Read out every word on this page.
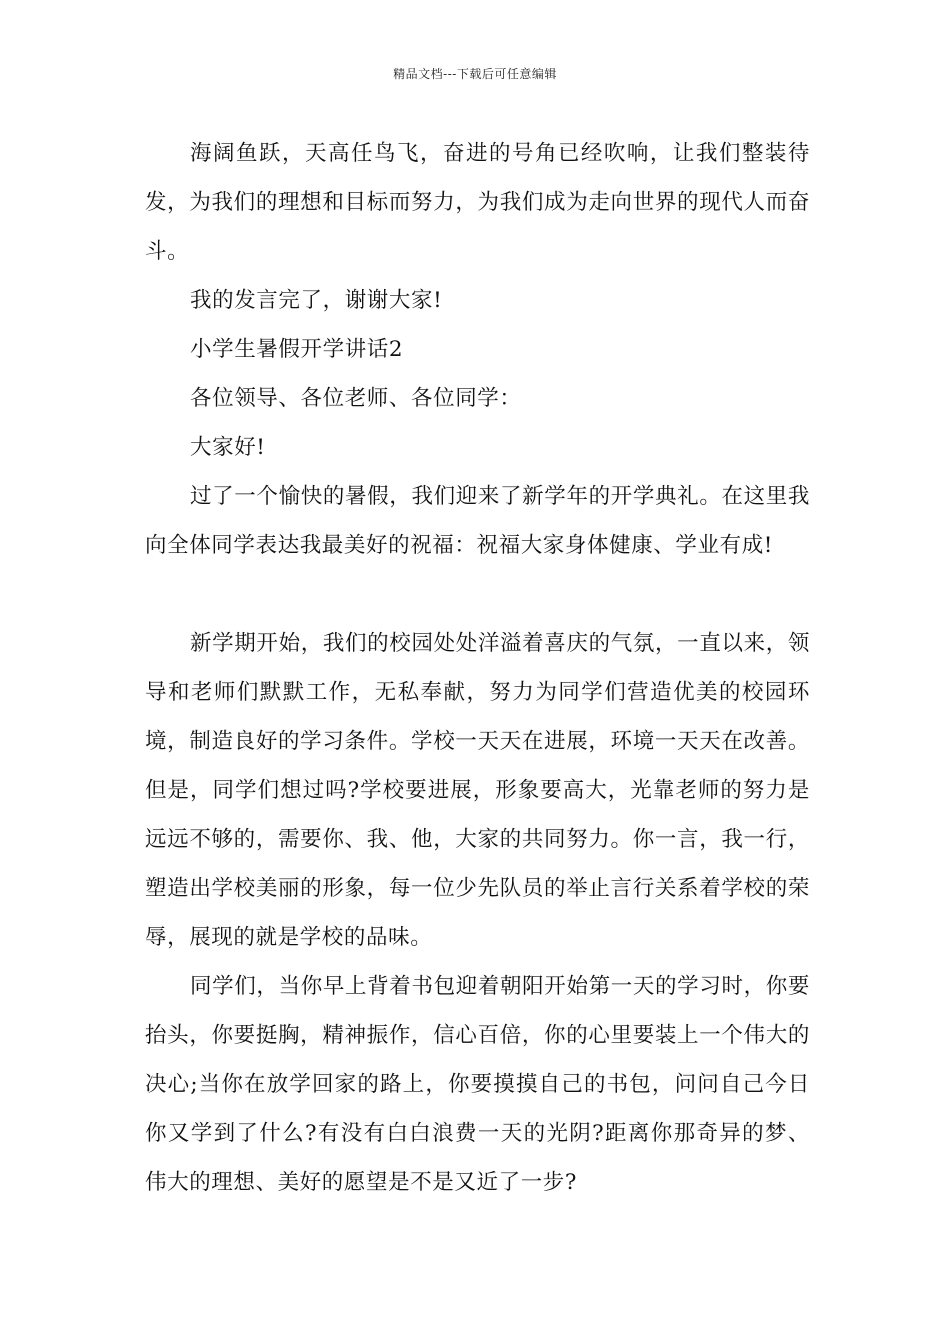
精品文档---下载后可任意编辑

海阔鱼跃，天高任鸟飞，奋进的号角已经吹响，让我们整装待发，为我们的理想和目标而努力，为我们成为走向世界的现代人而奋斗。

我的发言完了，谢谢大家!

小学生暑假开学讲话2

各位领导、各位老师、各位同学：

大家好!

过了一个愉快的暑假，我们迎来了新学年的开学典礼。在这里我向全体同学表达我最美好的祝福：祝福大家身体健康、学业有成!

新学期开始，我们的校园处处洋溢着喜庆的气氛，一直以来，领导和老师们默默工作，无私奉献，努力为同学们营造优美的校园环境，制造良好的学习条件。学校一天天在进展，环境一天天在改善。但是，同学们想过吗?学校要进展，形象要高大，光靠老师的努力是远远不够的，需要你、我、他，大家的共同努力。你一言，我一行，塑造出学校美丽的形象，每一位少先队员的举止言行关系着学校的荣辱，展现的就是学校的品味。

同学们，当你早上背着书包迎着朝阳开始第一天的学习时，你要抬头，你要挺胸，精神振作，信心百倍，你的心里要装上一个伟大的决心;当你在放学回家的路上，你要摸摸自己的书包，问问自己今日你又学到了什么?有没有白白浪费一天的光阴?距离你那奇异的梦、伟大的理想、美好的愿望是不是又近了一步?
